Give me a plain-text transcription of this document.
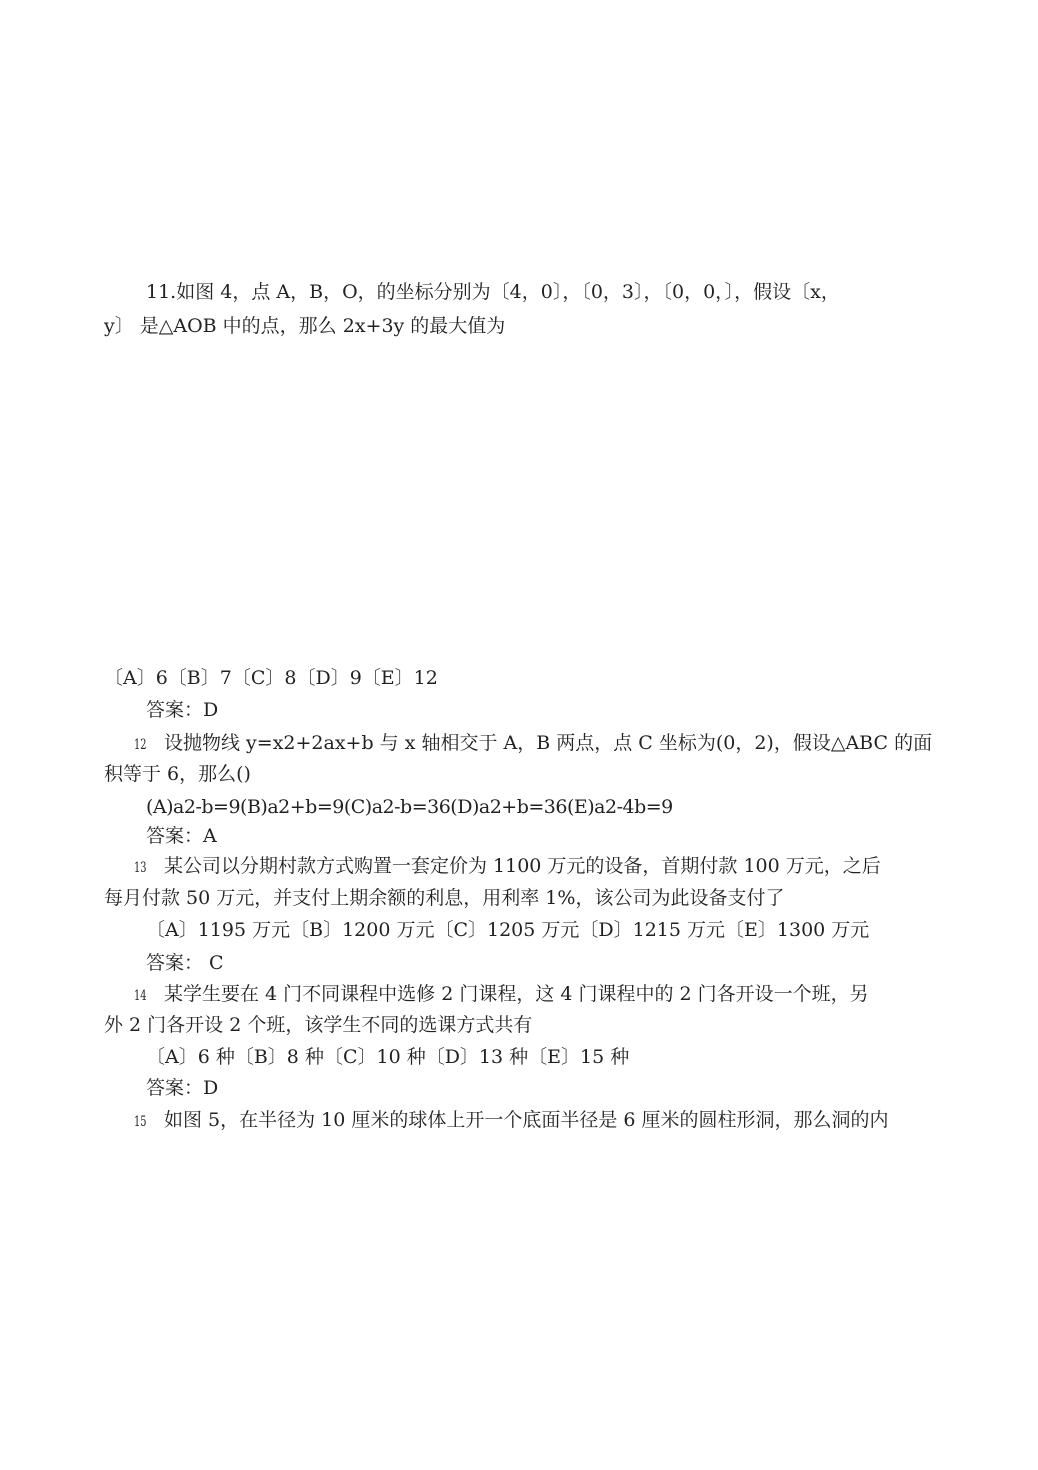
11.如图 4，点 A，B，O，的坐标分别为〔4，0〕，〔0，3〕，〔0，0，〕，假设〔x，
y〕 是△AOB 中的点，那么 2x+3y 的最大值为
〔A〕6〔B〕7〔C〕8〔D〕9〔E〕12
答案：D
12 设抛物线 y=x2+2ax+b 与 x 轴相交于 A，B 两点，点 C 坐标为(0，2)，假设△ABC 的面
积等于 6，那么()
(A)a2-b=9(B)a2+b=9(C)a2-b=36(D)a2+b=36(E)a2-4b=9
答案：A
13 某公司以分期村款方式购置一套定价为 1100 万元的设备，首期付款 100 万元，之后
每月付款 50 万元，并支付上期余额的利息，用利率 1%，该公司为此设备支付了
〔A〕1195 万元〔B〕1200 万元〔C〕1205 万元〔D〕1215 万元〔E〕1300 万元
答案： C
14 某学生要在 4 门不同课程中选修 2 门课程，这 4 门课程中的 2 门各开设一个班，另
外 2 门各开设 2 个班，该学生不同的选课方式共有
〔A〕6 种〔B〕8 种〔C〕10 种〔D〕13 种〔E〕15 种
答案：D
15 如图 5，在半径为 10 厘米的球体上开一个底面半径是 6 厘米的圆柱形洞，那么洞的内
